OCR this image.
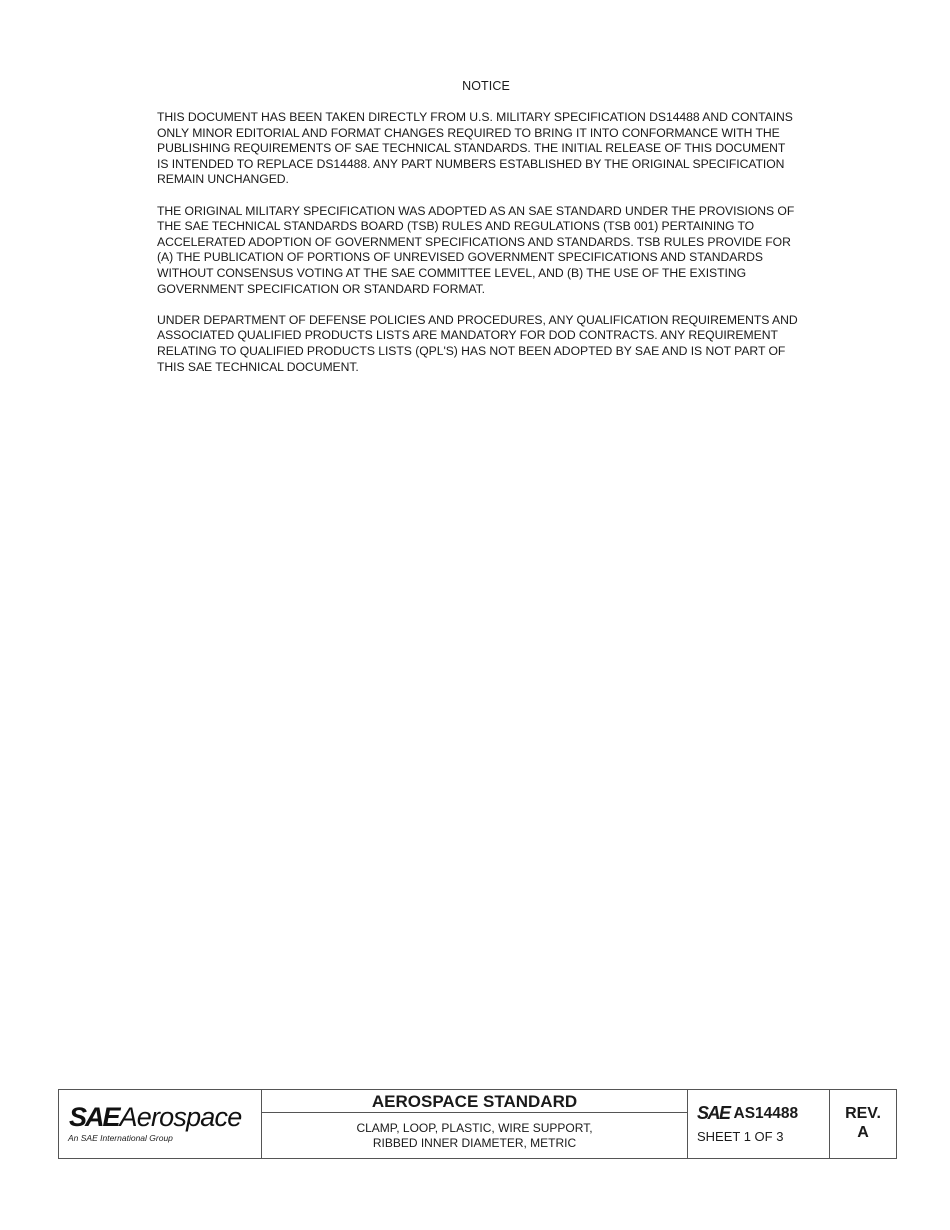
NOTICE

THIS DOCUMENT HAS BEEN TAKEN DIRECTLY FROM U.S. MILITARY SPECIFICATION DS14488 AND CONTAINS
ONLY MINOR EDITORIAL AND FORMAT CHANGES REQUIRED TO BRING IT INTO CONFORMANCE WITH THE
PUBLISHING REQUIREMENTS OF SAE TECHNICAL STANDARDS. THE INITIAL RELEASE OF THIS DOCUMENT
IS INTENDED TO REPLACE DS14488. ANY PART NUMBERS ESTABLISHED BY THE ORIGINAL SPECIFICATION
REMAIN UNCHANGED.

THE ORIGINAL MILITARY SPECIFICATION WAS ADOPTED AS AN SAE STANDARD UNDER THE PROVISIONS OF
THE SAE TECHNICAL STANDARDS BOARD (TSB) RULES AND REGULATIONS (TSB 001) PERTAINING TO
ACCELERATED ADOPTION OF GOVERNMENT SPECIFICATIONS AND STANDARDS. TSB RULES PROVIDE FOR
(A) THE PUBLICATION OF PORTIONS OF UNREVISED GOVERNMENT SPECIFICATIONS AND STANDARDS
WITHOUT CONSENSUS VOTING AT THE SAE COMMITTEE LEVEL, AND (B) THE USE OF THE EXISTING
GOVERNMENT SPECIFICATION OR STANDARD FORMAT.

UNDER DEPARTMENT OF DEFENSE POLICIES AND PROCEDURES, ANY QUALIFICATION REQUIREMENTS AND
ASSOCIATED QUALIFIED PRODUCTS LISTS ARE MANDATORY FOR DOD CONTRACTS. ANY REQUIREMENT
RELATING TO QUALIFIED PRODUCTS LISTS (QPL'S) HAS NOT BEEN ADOPTED BY SAE AND IS NOT PART OF
THIS SAE TECHNICAL DOCUMENT.

SAE Aerospace
An SAE International Group
AEROSPACE STANDARD
CLAMP, LOOP, PLASTIC, WIRE SUPPORT,
RIBBED INNER DIAMETER, METRIC
SAE AS14488
SHEET 1 OF 3
REV.
A
